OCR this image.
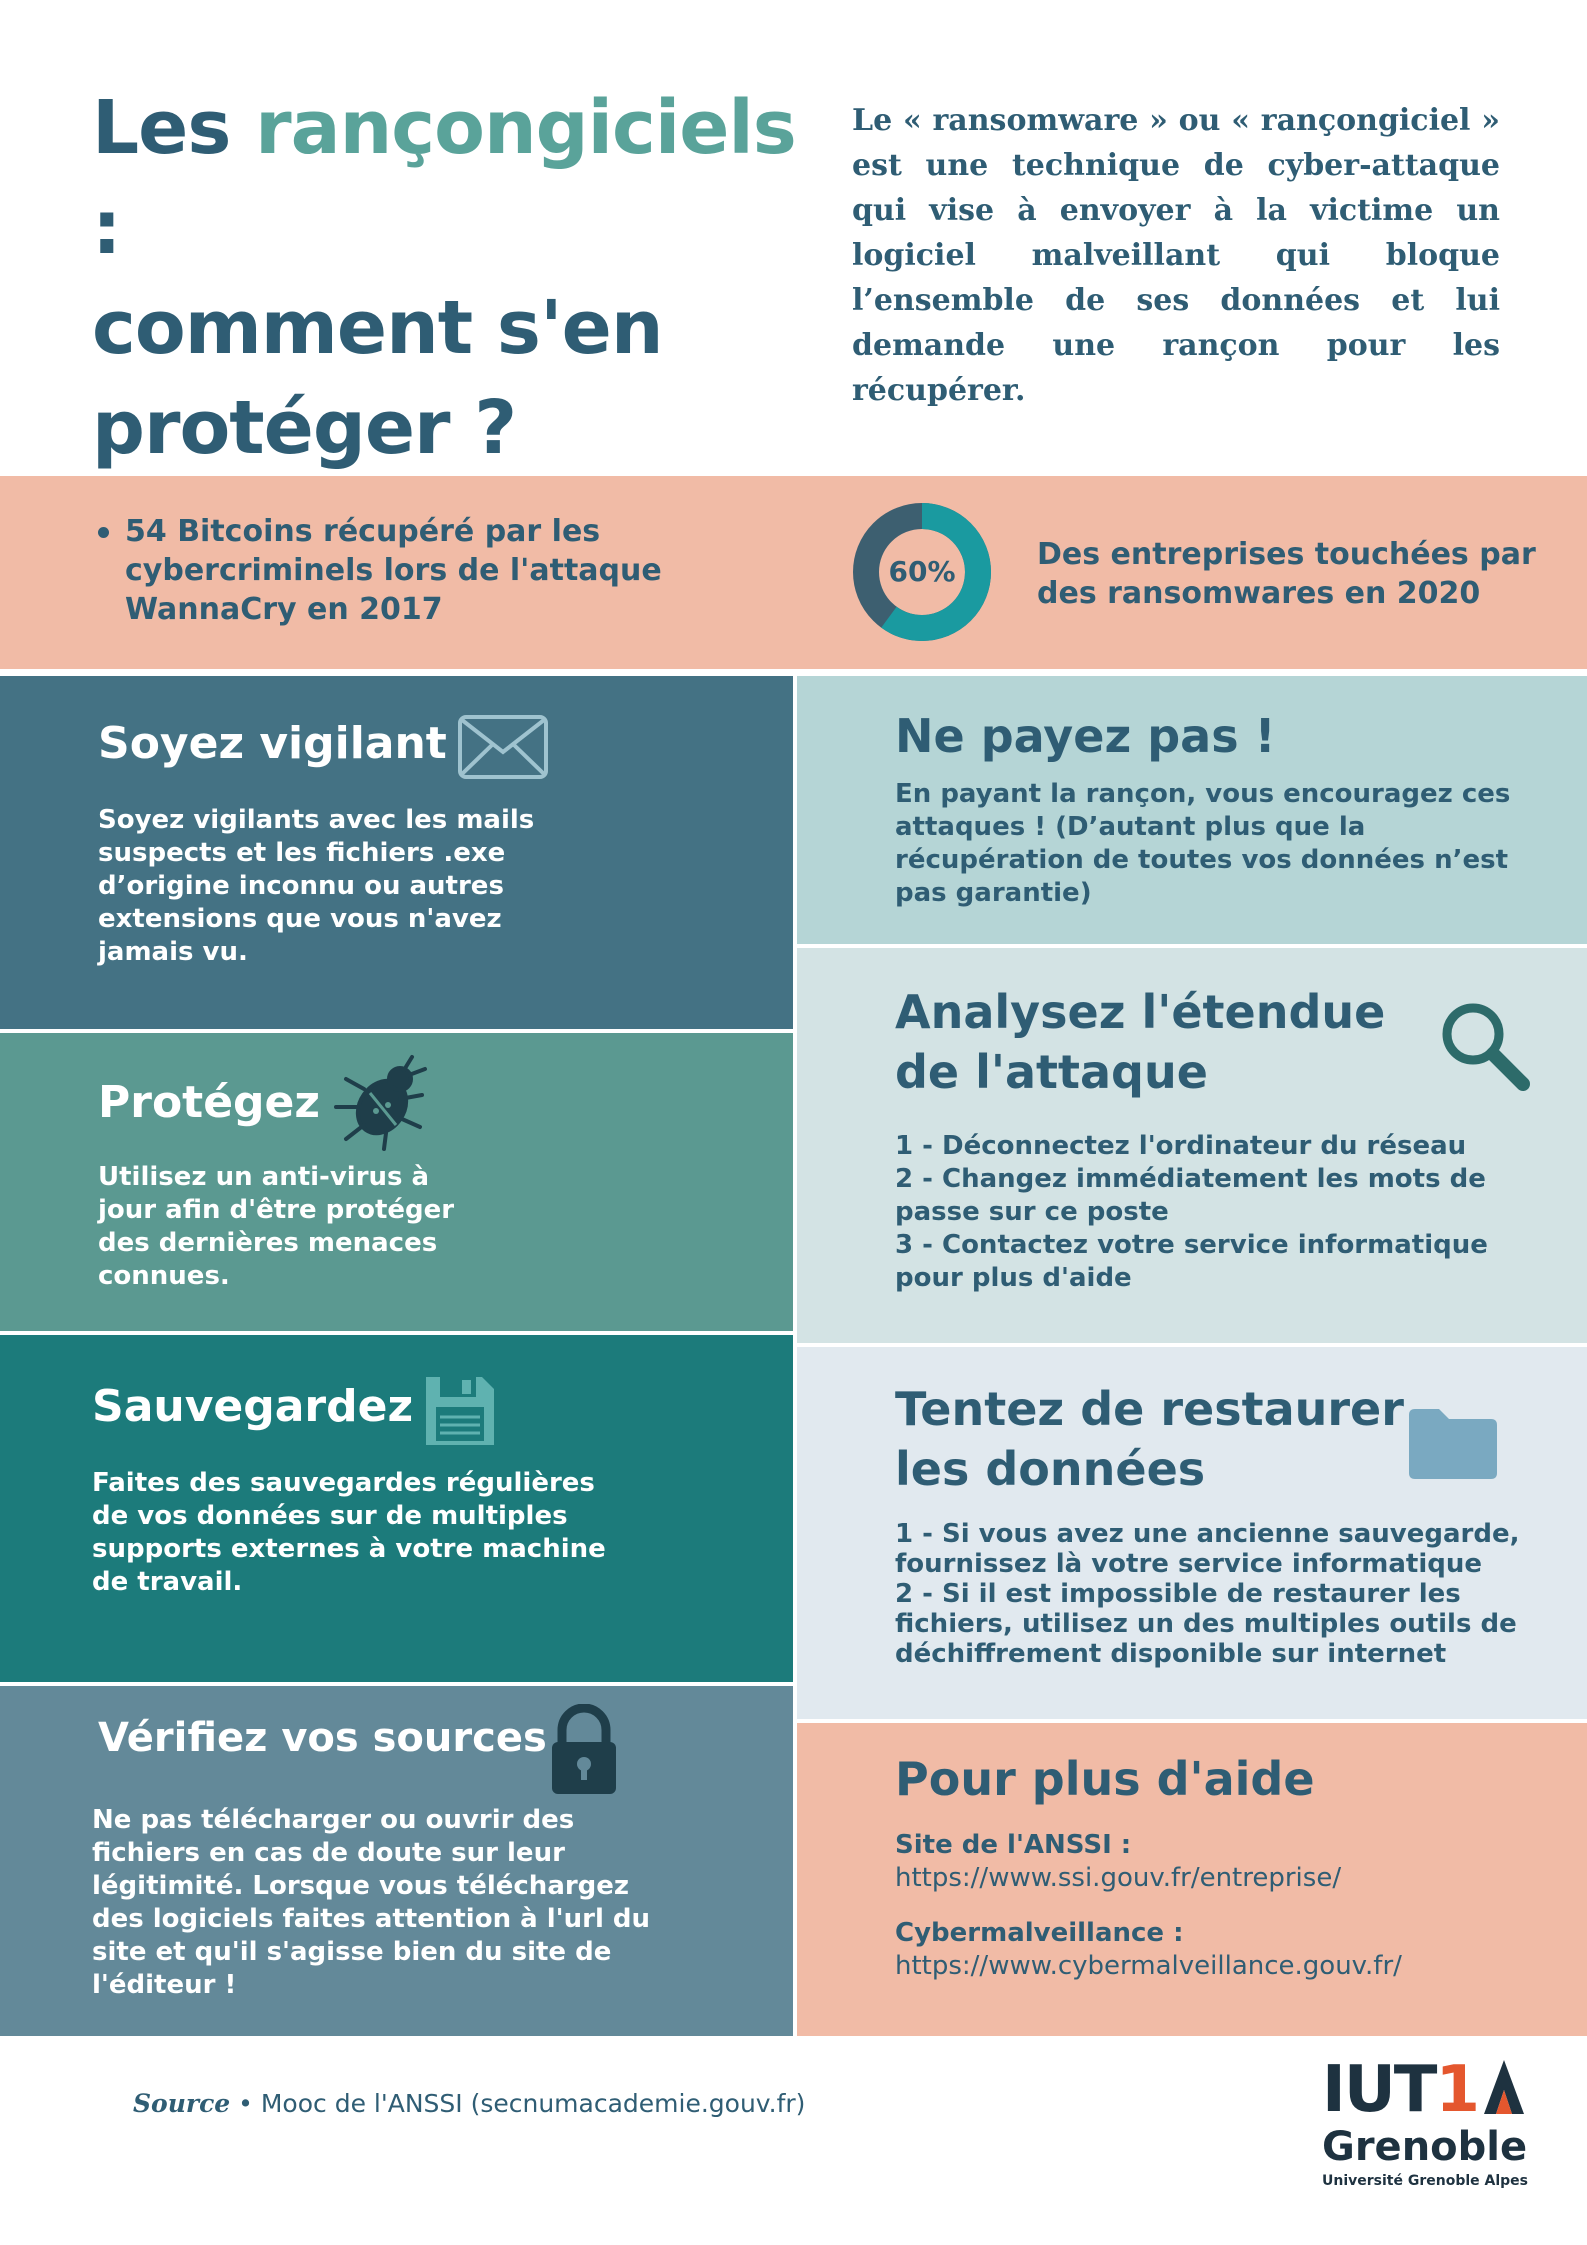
Les rançongiciels :
comment s'en
protéger ?
Le « ransomware » ou « rançongiciel » est une technique de cyber-attaque qui vise à envoyer à la victime un logiciel malveillant qui bloque l’ensemble de ses données et lui demande une rançon pour les récupérer.
54 Bitcoins récupéré par les cybercriminels lors de l'attaque WannaCry en 2017
60%	Des entreprises touchées par des ransomwares en 2020
Soyez vigilant
Soyez vigilants avec les mails suspects et les fichiers .exe d’origine inconnu ou autres extensions que vous n'avez jamais vu.
Protégez
Utilisez un anti-virus à jour afin d'être protéger des dernières menaces connues.
Sauvegardez
Faites des sauvegardes régulières de vos données sur de multiples supports externes à votre machine de travail.
Vérifiez vos sources
Ne pas télécharger ou ouvrir des fichiers en cas de doute sur leur légitimité. Lorsque vous téléchargez des logiciels faites attention à l'url du site et qu'il s'agisse bien du site de l'éditeur !
Ne payez pas !
En payant la rançon, vous encouragez ces attaques ! (D’autant plus que la récupération de toutes vos données n’est pas garantie)
Analysez l'étendue
de l'attaque
1 - Déconnectez l'ordinateur du réseau
2 - Changez immédiatement les mots de passe sur ce poste
3 - Contactez votre service informatique pour plus d'aide
Tentez de restaurer
les données
1 - Si vous avez une ancienne sauvegarde, fournissez là votre service informatique
2 - Si il est impossible de restaurer les fichiers, utilisez un des multiples outils de déchiffrement disponible sur internet
Pour plus d'aide
Site de l'ANSSI :
https://www.ssi.gouv.fr/entreprise/
Cybermalveillance :
https://www.cybermalveillance.gouv.fr/
Source • Mooc de l'ANSSI (secnumacademie.gouv.fr)	IUT1
Grenoble
Université Grenoble Alpes
